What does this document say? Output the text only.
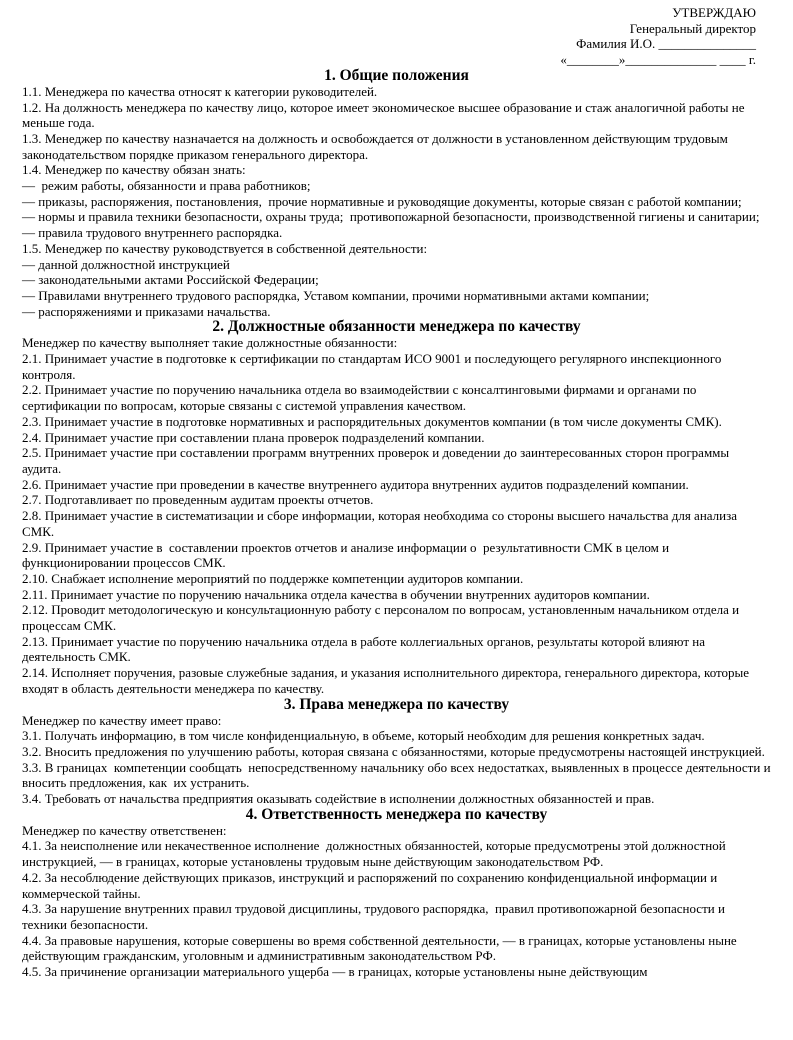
УТВЕРЖДАЮ
Генеральный директор
Фамилия И.О. _______________
«________»______________ ____ г.
1. Общие положения

1.1. Менеджера по качества относят к категории руководителей.

1.2. На должность менеджера по качеству лицо, которое имеет экономическое высшее образование и стаж аналогичной работы не меньше года.

1.3. Менеджер по качеству назначается на должность и освобождается от должности в установленном действующим трудовым законодательством порядке приказом генерального директора.

1.4. Менеджер по качеству обязан знать:

—  режим работы, обязанности и права работников;

— приказы, распоряжения, постановления,  прочие нормативные и руководящие документы, которые связан с работой компании;

— нормы и правила техники безопасности, охраны труда;  противопожарной безопасности, производственной гигиены и санитарии;

— правила трудового внутреннего распорядка.

1.5. Менеджер по качеству руководствуется в собственной деятельности:

— данной должностной инструкцией

— законодательными актами Российской Федерации;

— Правилами внутреннего трудового распорядка, Уставом компании, прочими нормативными актами компании;

— распоряжениями и приказами начальства.

2. Должностные обязанности менеджера по качеству

Менеджер по качеству выполняет такие должностные обязанности:

2.1. Принимает участие в подготовке к сертификации по стандартам ИСО 9001 и последующего регулярного инспекционного контроля.

2.2. Принимает участие по поручению начальника отдела во взаимодействии с консалтинговыми фирмами и органами по сертификации по вопросам, которые связаны с системой управления качеством.

2.3. Принимает участие в подготовке нормативных и распорядительных документов компании (в том числе документы СМК).

2.4. Принимает участие при составлении плана проверок подразделений компании.

2.5. Принимает участие при составлении программ внутренних проверок и доведении до заинтересованных сторон программы аудита.

2.6. Принимает участие при проведении в качестве внутреннего аудитора внутренних аудитов подразделений компании.

2.7. Подготавливает по проведенным аудитам проекты отчетов.

2.8. Принимает участие в систематизации и сборе информации, которая необходима со стороны высшего начальства для анализа СМК.

2.9. Принимает участие в  составлении проектов отчетов и анализе информации о  результативности СМК в целом и функционировании процессов СМК.

2.10. Снабжает исполнение мероприятий по поддержке компетенции аудиторов компании.

2.11. Принимает участие по поручению начальника отдела качества в обучении внутренних аудиторов компании.

2.12. Проводит методологическую и консультационную работу с персоналом по вопросам, установленным начальником отдела и процессам СМК.

2.13. Принимает участие по поручению начальника отдела в работе коллегиальных органов, результаты которой влияют на деятельность СМК.

2.14. Исполняет поручения, разовые служебные задания, и указания исполнительного директора, генерального директора, которые входят в область деятельности менеджера по качеству.

3. Права менеджера по качеству

Менеджер по качеству имеет право:

3.1. Получать информацию, в том числе конфиденциальную, в объеме, который необходим для решения конкретных задач.

3.2. Вносить предложения по улучшению работы, которая связана с обязанностями, которые предусмотрены настоящей инструкцией.

3.3. В границах  компетенции сообщать  непосредственному начальнику обо всех недостатках, выявленных в процессе деятельности и вносить предложения, как  их устранить.

3.4. Требовать от начальства предприятия оказывать содействие в исполнении должностных обязанностей и прав.

4. Ответственность менеджера по качеству

Менеджер по качеству ответственен:

4.1. За неисполнение или некачественное исполнение  должностных обязанностей, которые предусмотрены этой должностной инструкцией, — в границах, которые установлены трудовым ныне действующим законодательством РФ.

4.2. За несоблюдение действующих приказов, инструкций и распоряжений по сохранению конфиденциальной информации и коммерческой тайны.

4.3. За нарушение внутренних правил трудовой дисциплины, трудового распорядка,  правил противопожарной безопасности и техники безопасности.

4.4. За правовые нарушения, которые совершены во время собственной деятельности, — в границах, которые установлены ныне действующим гражданским, уголовным и административным законодательством РФ.

4.5. За причинение организации материального ущерба — в границах, которые установлены ныне действующим
